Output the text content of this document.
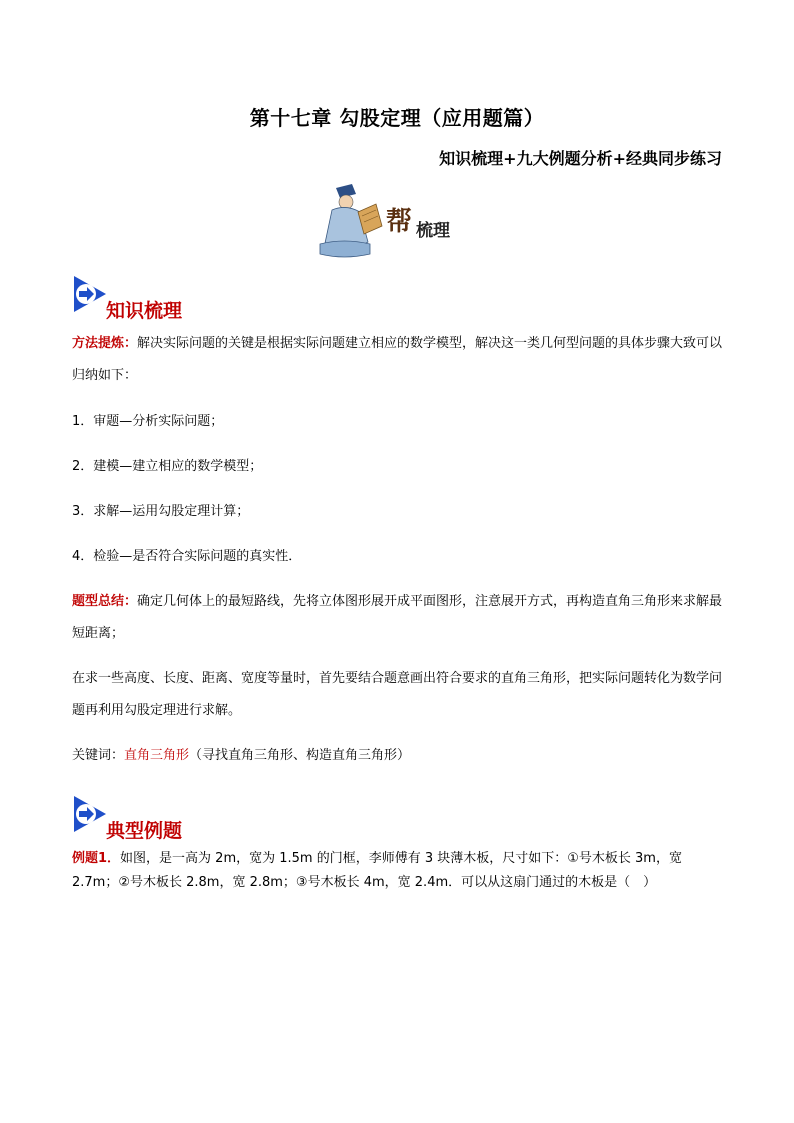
第十七章 勾股定理（应用题篇）
知识梳理+九大例题分析+经典同步练习
帮 梳理
知识梳理
方法提炼：解决实际问题的关键是根据实际问题建立相应的数学模型，解决这一类几何型问题的具体步骤大致可以归纳如下：
1．审题—分析实际问题；
2．建模—建立相应的数学模型；
3．求解—运用勾股定理计算；
4．检验—是否符合实际问题的真实性．
题型总结：确定几何体上的最短路线，先将立体图形展开成平面图形，注意展开方式，再构造直角三角形来求解最短距离；
在求一些高度、长度、距离、宽度等量时，首先要结合题意画出符合要求的直角三角形，把实际问题转化为数学问题再利用勾股定理进行求解。
关键词：直角三角形（寻找直角三角形、构造直角三角形）
典型例题
例题1．如图，是一高为 2m，宽为 1.5m 的门框，李师傅有 3 块薄木板，尺寸如下：①号木板长 3m，宽 2.7m；②号木板长 2.8m，宽 2.8m；③号木板长 4m，宽 2.4m．可以从这扇门通过的木板是（　）
